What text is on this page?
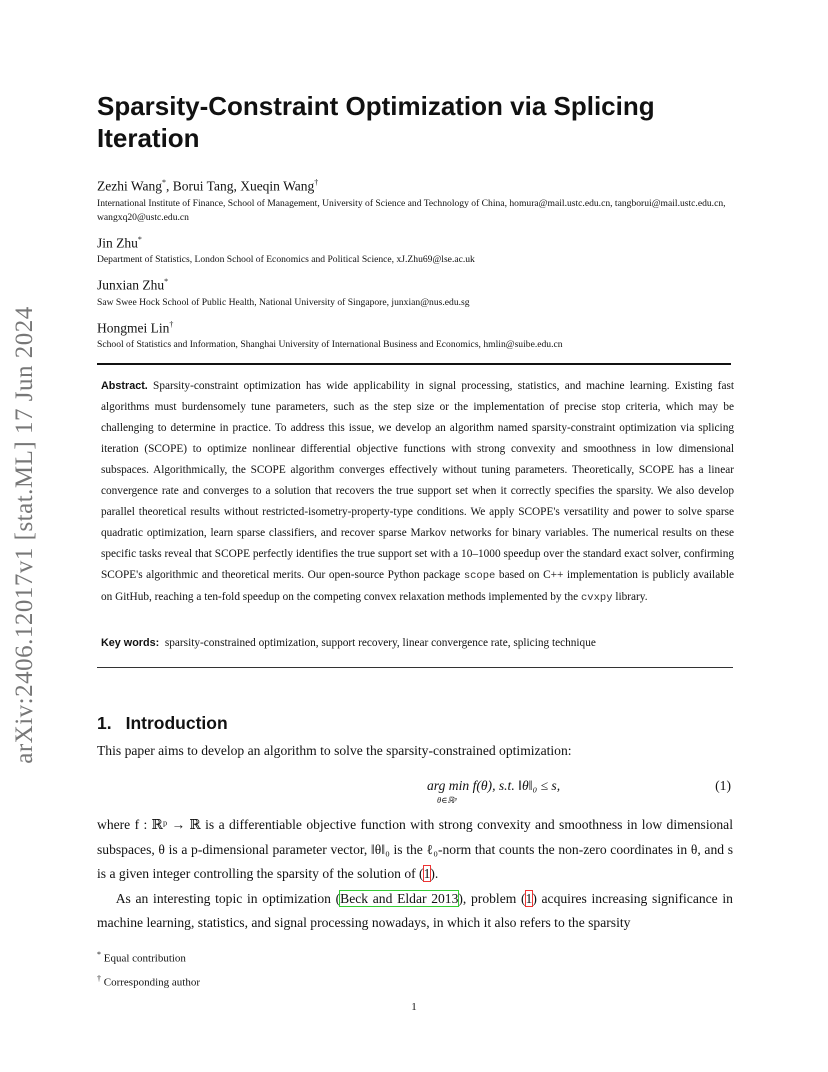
arXiv:2406.12017v1 [stat.ML] 17 Jun 2024
Sparsity-Constraint Optimization via Splicing Iteration
Zezhi Wang*, Borui Tang, Xueqin Wang†
International Institute of Finance, School of Management, University of Science and Technology of China, homura@mail.ustc.edu.cn, tangborui@mail.ustc.edu.cn, wangxq20@ustc.edu.cn
Jin Zhu*
Department of Statistics, London School of Economics and Political Science, xJ.Zhu69@lse.ac.uk
Junxian Zhu*
Saw Swee Hock School of Public Health, National University of Singapore, junxian@nus.edu.sg
Hongmei Lin†
School of Statistics and Information, Shanghai University of International Business and Economics, hmlin@suibe.edu.cn
Abstract. Sparsity-constraint optimization has wide applicability in signal processing, statistics, and machine learning. Existing fast algorithms must burdensomely tune parameters, such as the step size or the implementation of precise stop criteria, which may be challenging to determine in practice. To address this issue, we develop an algorithm named sparsity-constraint optimization via splicing iteration (SCOPE) to optimize nonlinear differential objective functions with strong convexity and smoothness in low dimensional subspaces. Algorithmically, the SCOPE algorithm converges effectively without tuning parameters. Theoretically, SCOPE has a linear convergence rate and converges to a solution that recovers the true support set when it correctly specifies the sparsity. We also develop parallel theoretical results without restricted-isometry-property-type conditions. We apply SCOPE's versatility and power to solve sparse quadratic optimization, learn sparse classifiers, and recover sparse Markov networks for binary variables. The numerical results on these specific tasks reveal that SCOPE perfectly identifies the true support set with a 10–1000 speedup over the standard exact solver, confirming SCOPE's algorithmic and theoretical merits. Our open-source Python package scope based on C++ implementation is publicly available on GitHub, reaching a ten-fold speedup on the competing convex relaxation methods implemented by the cvxpy library.
Key words: sparsity-constrained optimization, support recovery, linear convergence rate, splicing technique
1. Introduction

This paper aims to develop an algorithm to solve the sparsity-constrained optimization:

arg min f(θ), s.t. ‖θ‖₀ ≤ s,
θ∈ℝᵖ
(1)

where f : ℝᵖ → ℝ is a differentiable objective function with strong convexity and smoothness in low dimensional subspaces, θ is a p-dimensional parameter vector, ‖θ‖₀ is the ℓ₀-norm that counts the non-zero coordinates in θ, and s is a given integer controlling the sparsity of the solution of (1).
As an interesting topic in optimization (Beck and Eldar 2013), problem (1) acquires increasing significance in machine learning, statistics, and signal processing nowadays, in which it also refers to the sparsity

* Equal contribution
† Corresponding author
1
